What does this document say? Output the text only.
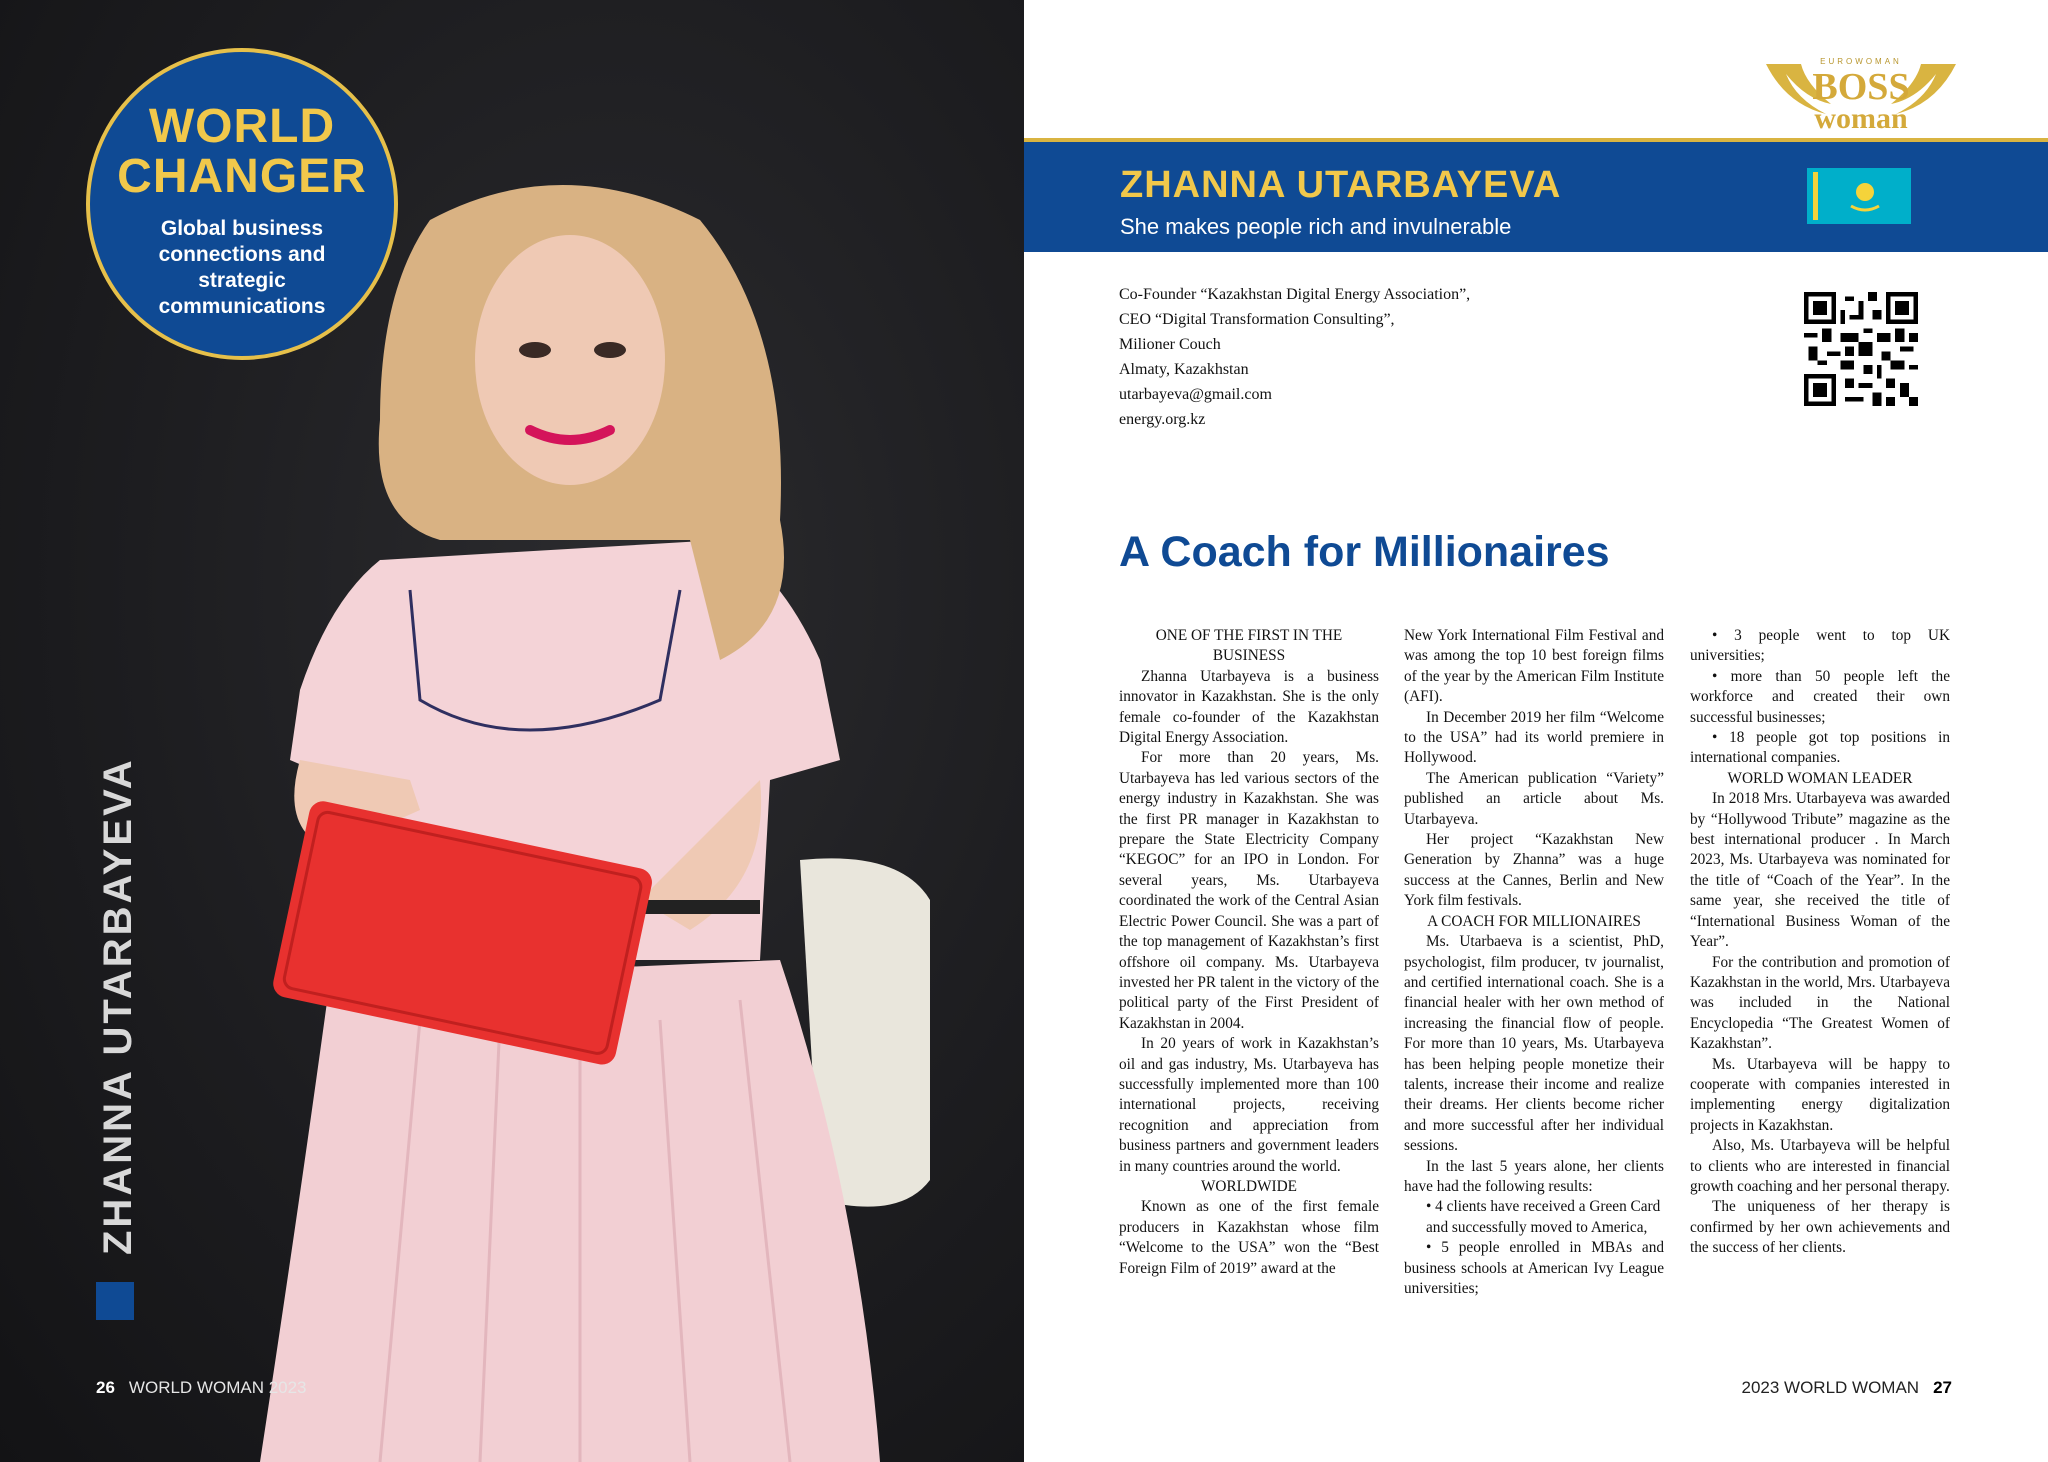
WORLD
CHANGER
Global business connections and strategic communications
ZHANNA UTARBAYEVA
26 WORLD WOMAN 2023
EUROWOMAN
BOSS
woman
ZHANNA UTARBAYEVA
She makes people rich and invulnerable
Co-Founder “Kazakhstan Digital Energy Association”,
CEO “Digital Transformation Consulting”,
Milioner Couch
Almaty, Kazakhstan
utarbayeva@gmail.com
energy.org.kz
A Coach for Millionaires

ONE OF THE FIRST IN THE BUSINESS

Zhanna Utarbayeva is a business innovator in Kazakhstan. She is the only female co-founder of the Kazakhstan Digital Energy Association.

For more than 20 years, Ms. Utarbayeva has led various sectors of the energy industry in Kazakhstan. She was the first PR manager in Kazakhstan to prepare the State Electricity Company “KEGOC” for an IPO in London. For several years, Ms. Utarbayeva coordinated the work of the Central Asian Electric Power Council. She was a part of the top management of Kazakhstan’s first offshore oil company. Ms. Utarbayeva invested her PR talent in the victory of the political party of the First President of Kazakhstan in 2004.

In 20 years of work in Kazakhstan’s oil and gas industry, Ms. Utarbayeva has successfully implemented more than 100 international projects, receiving recognition and appreciation from business partners and government leaders in many countries around the world.

WORLDWIDE

Known as one of the first female producers in Kazakhstan whose film “Welcome to the USA” won the “Best Foreign Film of 2019” award at the

New York International Film Festival and was among the top 10 best foreign films of the year by the American Film Institute (AFI).

In December 2019 her film “Welcome to the USA” had its world premiere in Hollywood.

The American publication “Variety” published an article about Ms. Utarbayeva.

Her project “Kazakhstan New Generation by Zhanna” was a huge success at the Cannes, Berlin and New York film festivals.

A COACH FOR MILLIONAIRES

Ms. Utarbaeva is a scientist, PhD, psychologist, film producer, tv journalist, and certified international coach. She is a financial healer with her own method of increasing the financial flow of people. For more than 10 years, Ms. Utarbayeva has been helping people monetize their talents, increase their income and realize their dreams. Her clients become richer and more successful after her individual sessions.

In the last 5 years alone, her clients have had the following results:

• 4 clients have received a Green Card

and successfully moved to America,

• 5 people enrolled in MBAs and business schools at American Ivy League universities;

• 3 people went to top UK universities;

• more than 50 people left the workforce and created their own successful businesses;

• 18 people got top positions in international companies.

WORLD WOMAN LEADER

In 2018 Mrs. Utarbayeva was awarded by “Hollywood Tribute” magazine as the best international producer . In March 2023, Ms. Utarbayeva was nominated for the title of “Coach of the Year”. In the same year, she received the title of “International Business Woman of the Year”.

For the contribution and promotion of Kazakhstan in the world, Mrs. Utarbayeva was included in the National Encyclopedia “The Greatest Women of Kazakhstan”.

Ms. Utarbayeva will be happy to cooperate with companies interested in implementing energy digitalization projects in Kazakhstan.

Also, Ms. Utarbayeva will be helpful to clients who are interested in financial growth coaching and her personal therapy.

The uniqueness of her therapy is confirmed by her own achievements and the success of her clients.

2023 WORLD WOMAN 27
